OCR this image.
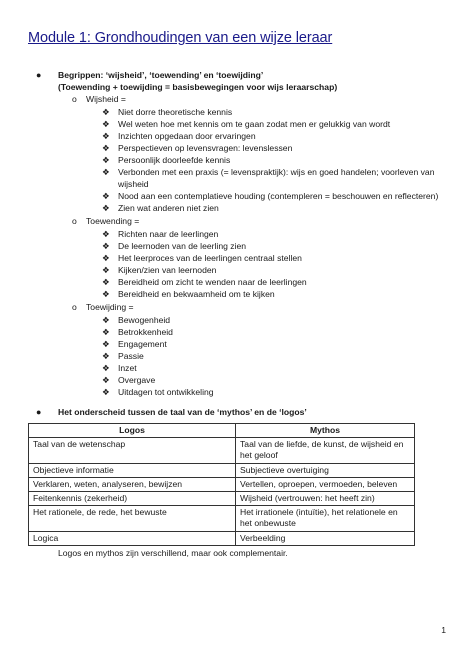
Module 1: Grondhoudingen van een wijze leraar
● Begrippen: ‘wijsheid’, ‘toewending’ en ‘toewijding’
(Toewending + toewijding = basisbewegingen voor wijs leraarschap)
o Wijsheid =
❖ Niet dorre theoretische kennis
❖ Wel weten hoe met kennis om te gaan zodat men er gelukkig van wordt
❖ Inzichten opgedaan door ervaringen
❖ Perspectieven op levensvragen: levenslessen
❖ Persoonlijk doorleefde kennis
❖ Verbonden met een praxis (= levenspraktijk): wijs en goed handelen; voorleven van
wijsheid
❖ Nood aan een contemplatieve houding (contempleren = beschouwen en reflecteren)
❖ Zien wat anderen niet zien
o Toewending =
❖ Richten naar de leerlingen
❖ De leernoden van de leerling zien
❖ Het leerproces van de leerlingen centraal stellen
❖ Kijken/zien van leernoden
❖ Bereidheid om zicht te wenden naar de leerlingen
❖ Bereidheid en bekwaamheid om te kijken
o Toewijding =
❖ Bewogenheid
❖ Betrokkenheid
❖ Engagement
❖ Passie
❖ Inzet
❖ Overgave
❖ Uitdagen tot ontwikkeling
● Het onderscheid tussen de taal van de ‘mythos’ en de ‘logos’
Logos	Mythos
Taal van de wetenschap	Taal van de liefde, de kunst, de wijsheid en het geloof
Objectieve informatie	Subjectieve overtuiging
Verklaren, weten, analyseren, bewijzen	Vertellen, oproepen, vermoeden, beleven
Feitenkennis (zekerheid)	Wijsheid (vertrouwen: het heeft zin)
Het rationele, de rede, het bewuste	Het irrationele (intuïtie), het relationele en het onbewuste
Logica	Verbeelding
Logos en mythos zijn verschillend, maar ook complementair.
1
